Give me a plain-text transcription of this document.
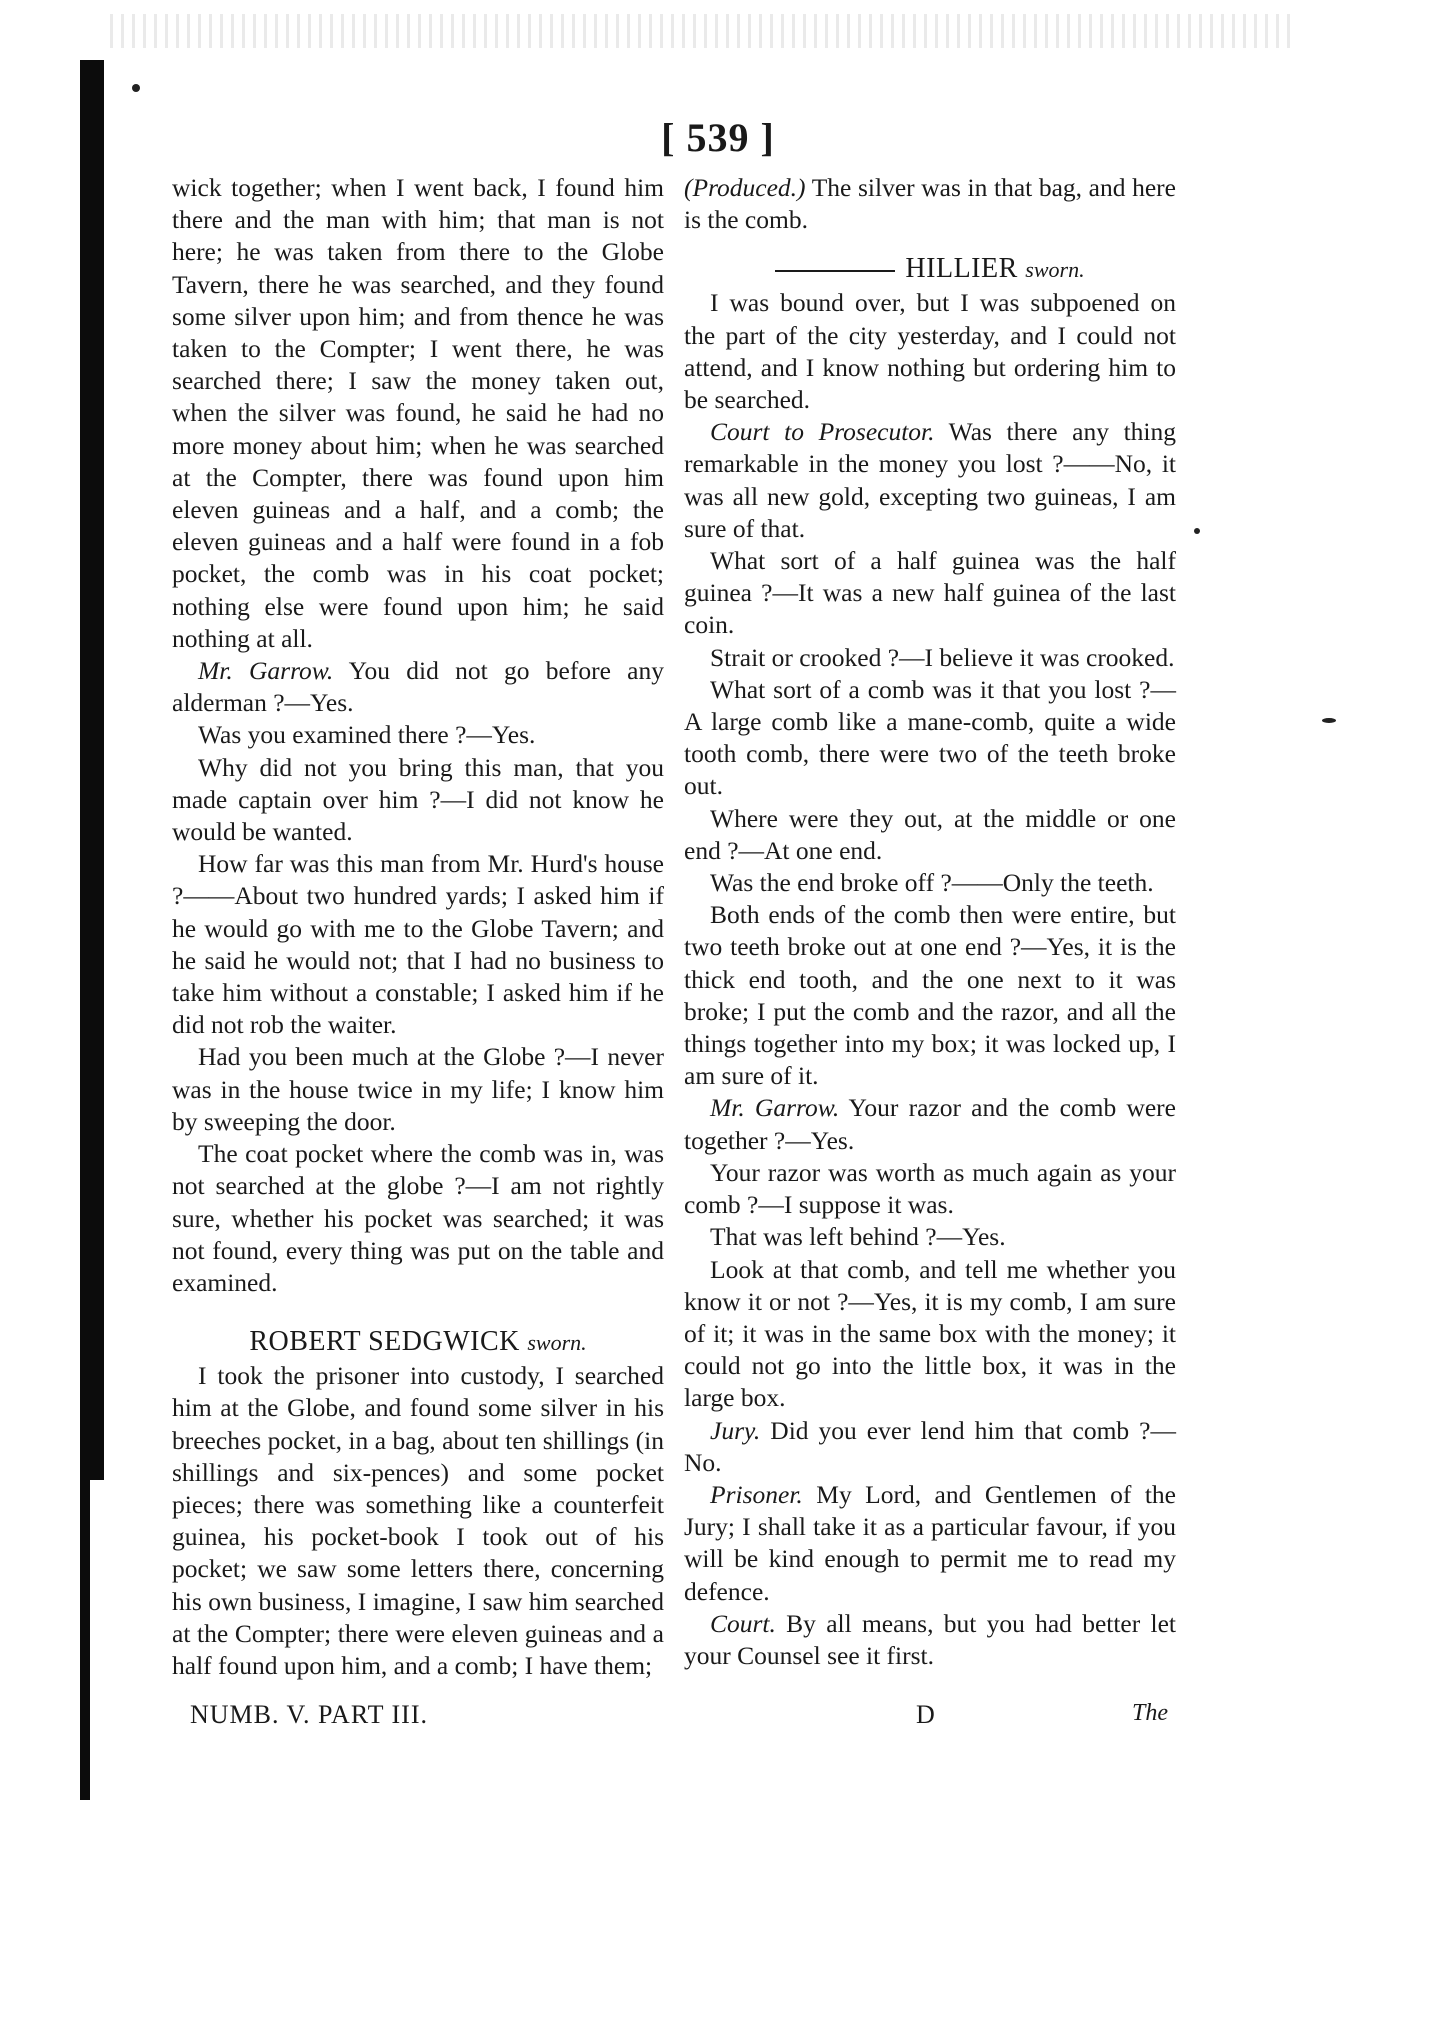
[ 539 ]

wick together; when I went back, I found him there and the man with him; that man is not here; he was taken from there to the Globe Tavern, there he was searched, and they found some silver upon him; and from thence he was taken to the Compter; I went there, he was searched there; I saw the money taken out, when the silver was found, he said he had no more money about him; when he was searched at the Compter, there was found upon him eleven guineas and a half, and a comb; the eleven guineas and a half were found in a fob pocket, the comb was in his coat pocket; nothing else were found upon him; he said nothing at all.

Mr. Garrow. You did not go before any alderman ?—Yes.

Was you examined there ?—Yes.

Why did not you bring this man, that you made captain over him ?—I did not know he would be wanted.

How far was this man from Mr. Hurd's house ?——About two hundred yards; I asked him if he would go with me to the Globe Tavern; and he said he would not; that I had no business to take him without a constable; I asked him if he did not rob the waiter.

Had you been much at the Globe ?—I never was in the house twice in my life; I know him by sweeping the door.

The coat pocket where the comb was in, was not searched at the globe ?—I am not rightly sure, whether his pocket was searched; it was not found, every thing was put on the table and examined.

ROBERT SEDGWICK sworn.

I took the prisoner into custody, I searched him at the Globe, and found some silver in his breeches pocket, in a bag, about ten shillings (in shillings and six-pences) and some pocket pieces; there was something like a counterfeit guinea, his pocket-book I took out of his pocket; we saw some letters there, concerning his own business, I imagine, I saw him searched at the Compter; there were eleven guineas and a half found upon him, and a comb; I have them;

(Produced.) The silver was in that bag, and here is the comb.

HILLIER sworn.

I was bound over, but I was subpoened on the part of the city yesterday, and I could not attend, and I know nothing but ordering him to be searched.

Court to Prosecutor. Was there any thing remarkable in the money you lost ?——No, it was all new gold, excepting two guineas, I am sure of that.

What sort of a half guinea was the half guinea ?—It was a new half guinea of the last coin.

Strait or crooked ?—I believe it was crooked.

What sort of a comb was it that you lost ?—A large comb like a mane-comb, quite a wide tooth comb, there were two of the teeth broke out.

Where were they out, at the middle or one end ?—At one end.

Was the end broke off ?——Only the teeth.

Both ends of the comb then were entire, but two teeth broke out at one end ?—Yes, it is the thick end tooth, and the one next to it was broke; I put the comb and the razor, and all the things together into my box; it was locked up, I am sure of it.

Mr. Garrow. Your razor and the comb were together ?—Yes.

Your razor was worth as much again as your comb ?—I suppose it was.

That was left behind ?—Yes.

Look at that comb, and tell me whether you know it or not ?—Yes, it is my comb, I am sure of it; it was in the same box with the money; it could not go into the little box, it was in the large box.

Jury. Did you ever lend him that comb ?—No.

Prisoner. My Lord, and Gentlemen of the Jury; I shall take it as a particular favour, if you will be kind enough to permit me to read my defence.

Court. By all means, but you had better let your Counsel see it first.

NUMB. V. PART III.	D	The
